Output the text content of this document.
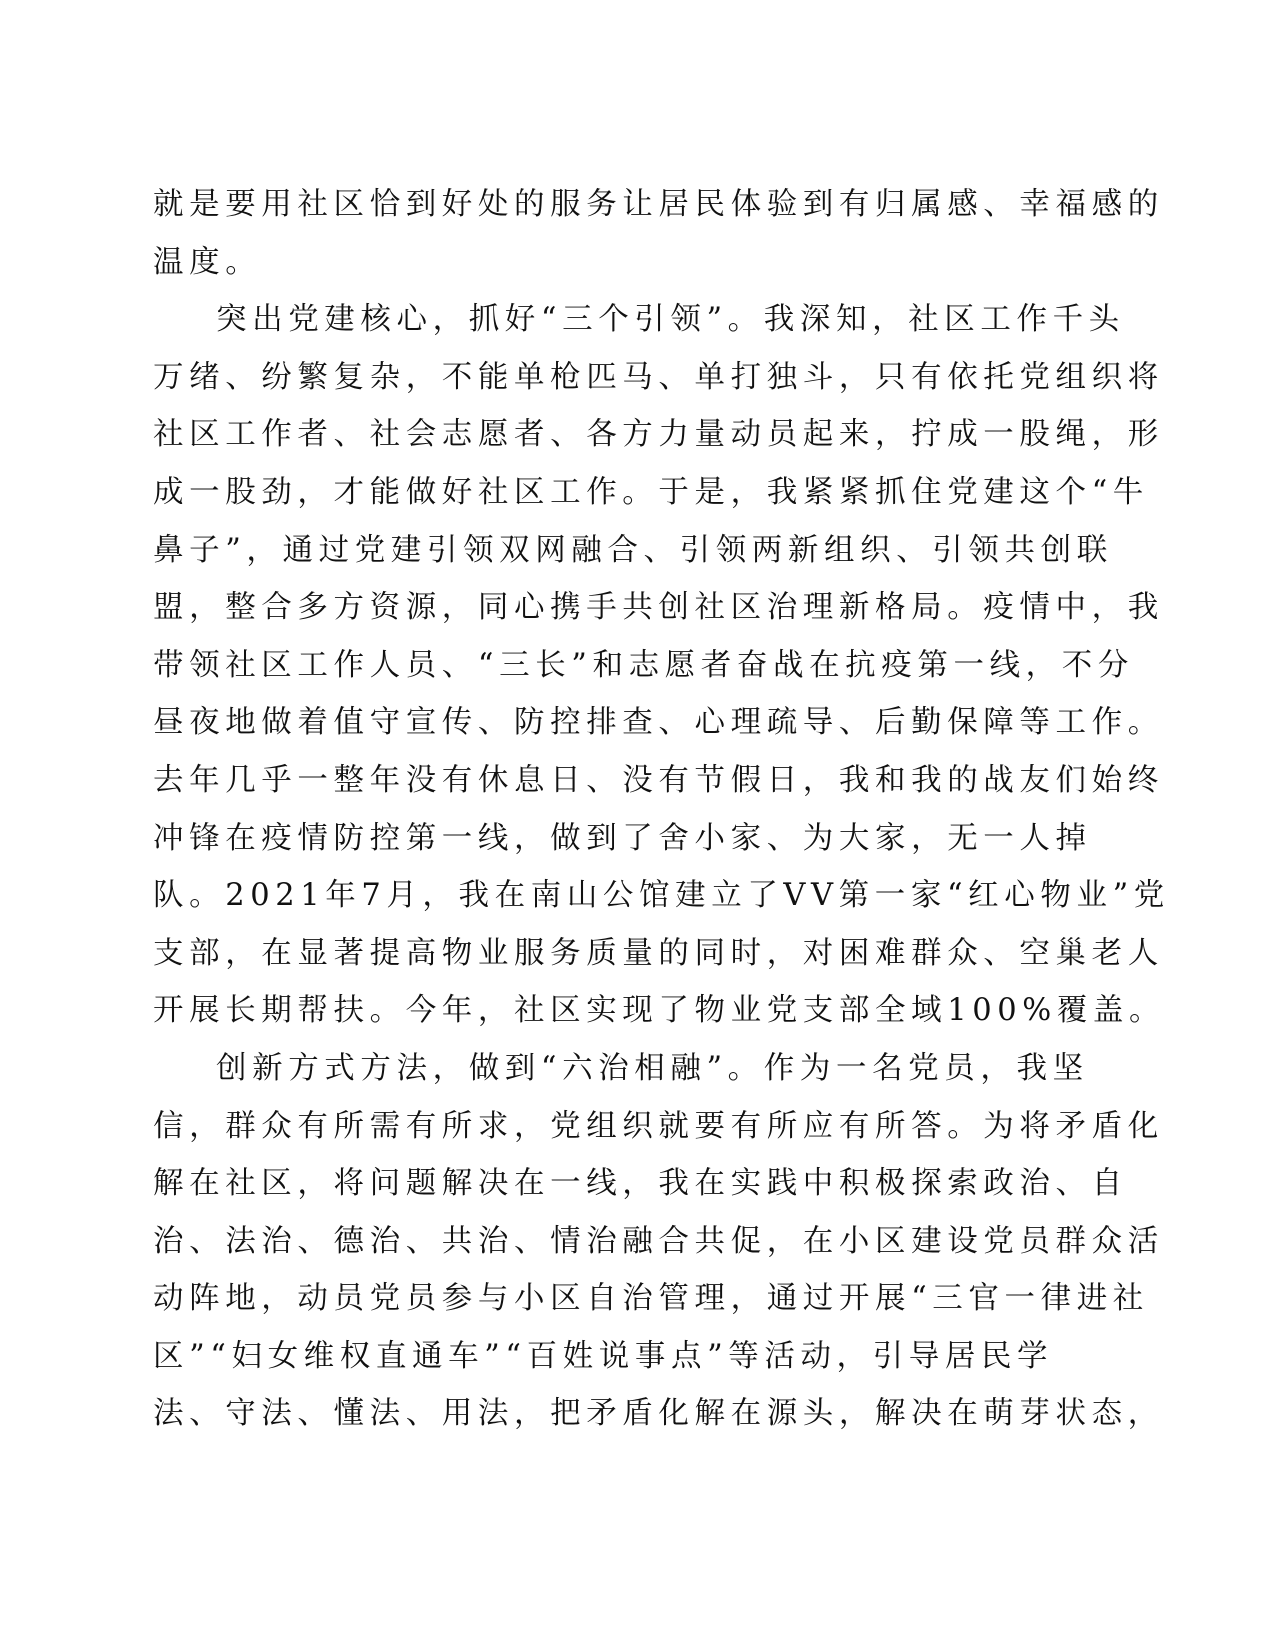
就是要用社区恰到好处的服务让居民体验到有归属感、幸福感的
温度。
突出党建核心，抓好“三个引领”。我深知，社区工作千头
万绪、纷繁复杂，不能单枪匹马、单打独斗，只有依托党组织将
社区工作者、社会志愿者、各方力量动员起来，拧成一股绳，形
成一股劲，才能做好社区工作。于是，我紧紧抓住党建这个“牛
鼻子”，通过党建引领双网融合、引领两新组织、引领共创联
盟，整合多方资源，同心携手共创社区治理新格局。疫情中，我
带领社区工作人员、“三长”和志愿者奋战在抗疫第一线，不分
昼夜地做着值守宣传、防控排查、心理疏导、后勤保障等工作。
去年几乎一整年没有休息日、没有节假日，我和我的战友们始终
冲锋在疫情防控第一线，做到了舍小家、为大家，无一人掉
队。2021年7月，我在南山公馆建立了VV第一家“红心物业”党
支部，在显著提高物业服务质量的同时，对困难群众、空巢老人
开展长期帮扶。今年，社区实现了物业党支部全域100%覆盖。
创新方式方法，做到“六治相融”。作为一名党员，我坚
信，群众有所需有所求，党组织就要有所应有所答。为将矛盾化
解在社区，将问题解决在一线，我在实践中积极探索政治、自
治、法治、德治、共治、情治融合共促，在小区建设党员群众活
动阵地，动员党员参与小区自治管理，通过开展“三官一律进社
区”“妇女维权直通车”“百姓说事点”等活动，引导居民学
法、守法、懂法、用法，把矛盾化解在源头，解决在萌芽状态，
